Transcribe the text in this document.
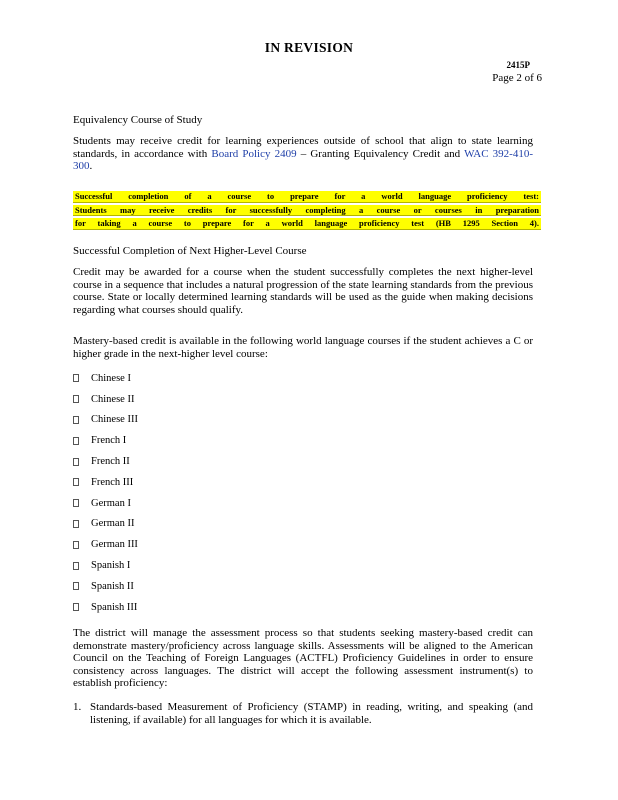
IN REVISION
2415P
Page 2 of 6
Equivalency Course of Study

Students may receive credit for learning experiences outside of school that align to state learning standards, in accordance with Board Policy 2409 – Granting Equivalency Credit and WAC 392-410-300.

Successful completion of a course to prepare for a world language proficiency test:
Students may receive credits for successfully completing a course or courses in preparation
for taking a course to prepare for a world language proficiency test (HB 1295 Section 4).
Successful Completion of Next Higher-Level Course

Credit may be awarded for a course when the student successfully completes the next higher-level course in a sequence that includes a natural progression of the state learning standards from the previous course. State or locally determined learning standards will be used as the guide when making decisions regarding what courses should qualify.

Mastery-based credit is available in the following world language courses if the student achieves a C or higher grade in the next-higher level course:

Chinese I
Chinese II
Chinese III
French I
French II
French III
German I
German II
German III
Spanish I
Spanish II
Spanish III

The district will manage the assessment process so that students seeking mastery-based credit can demonstrate mastery/proficiency across language skills. Assessments will be aligned to the American Council on the Teaching of Foreign Languages (ACTFL) Proficiency Guidelines in order to ensure consistency across languages. The district will accept the following assessment instrument(s) to establish proficiency:

1. Standards-based Measurement of Proficiency (STAMP) in reading, writing, and speaking (and listening, if available) for all languages for which it is available.
